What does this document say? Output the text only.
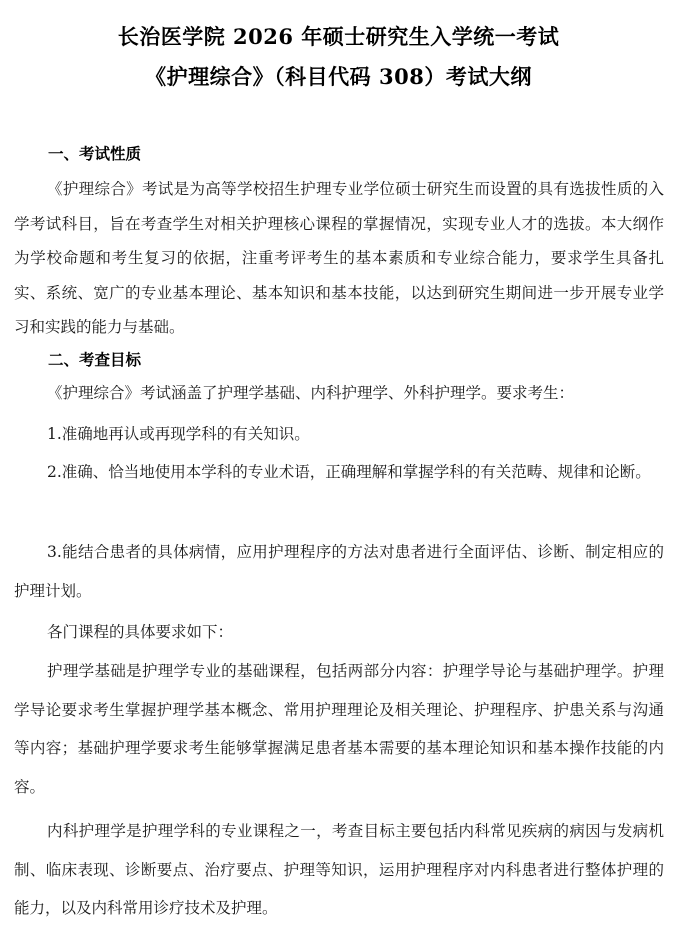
长治医学院 2026 年硕士研究生入学统一考试
《护理综合》（科目代码 308）考试大纲
一、考试性质

《护理综合》考试是为高等学校招生护理专业学位硕士研究生而设置的具有选拔性质的入学考试科目，旨在考查学生对相关护理核心课程的掌握情况，实现专业人才的选拔。本大纲作为学校命题和考生复习的依据，注重考评考生的基本素质和专业综合能力，要求学生具备扎实、系统、宽广的专业基本理论、基本知识和基本技能，以达到研究生期间进一步开展专业学习和实践的能力与基础。

二、考查目标

《护理综合》考试涵盖了护理学基础、内科护理学、外科护理学。要求考生：

1.准确地再认或再现学科的有关知识。

2.准确、恰当地使用本学科的专业术语，正确理解和掌握学科的有关范畴、规律和论断。

3.能结合患者的具体病情，应用护理程序的方法对患者进行全面评估、诊断、制定相应的护理计划。

各门课程的具体要求如下：

护理学基础是护理学专业的基础课程，包括两部分内容：护理学导论与基础护理学。护理学导论要求考生掌握护理学基本概念、常用护理理论及相关理论、护理程序、护患关系与沟通等内容；基础护理学要求考生能够掌握满足患者基本需要的基本理论知识和基本操作技能的内容。

内科护理学是护理学科的专业课程之一，考查目标主要包括内科常见疾病的病因与发病机制、临床表现、诊断要点、治疗要点、护理等知识，运用护理程序对内科患者进行整体护理的能力，以及内科常用诊疗技术及护理。
